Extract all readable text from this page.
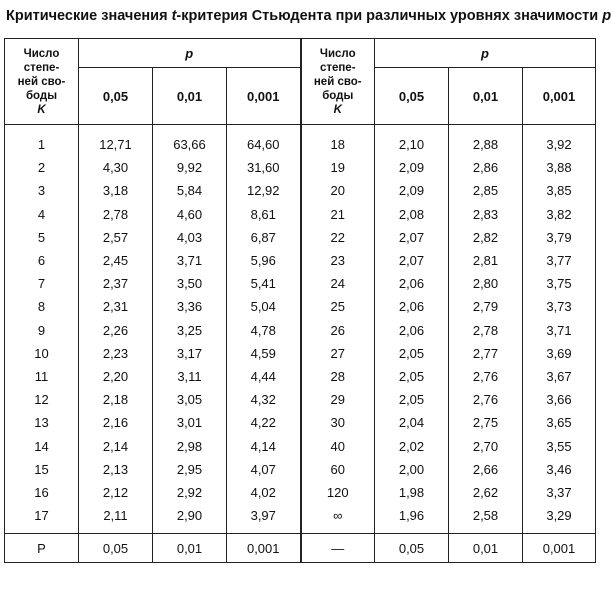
Критические значения t-критерия Стьюдента при различных уровнях значимости p
Число
степе-
ней сво-
боды
K	p			Число
степе-
ней сво-
боды
K	p		
	0,05	0,01	0,001		0,05	0,01	0,001
1	12,71	63,66	64,60	18	2,10	2,88	3,92
2	4,30	9,92	31,60	19	2,09	2,86	3,88
3	3,18	5,84	12,92	20	2,09	2,85	3,85
4	2,78	4,60	8,61	21	2,08	2,83	3,82
5	2,57	4,03	6,87	22	2,07	2,82	3,79
6	2,45	3,71	5,96	23	2,07	2,81	3,77
7	2,37	3,50	5,41	24	2,06	2,80	3,75
8	2,31	3,36	5,04	25	2,06	2,79	3,73
9	2,26	3,25	4,78	26	2,06	2,78	3,71
10	2,23	3,17	4,59	27	2,05	2,77	3,69
11	2,20	3,11	4,44	28	2,05	2,76	3,67
12	2,18	3,05	4,32	29	2,05	2,76	3,66
13	2,16	3,01	4,22	30	2,04	2,75	3,65
14	2,14	2,98	4,14	40	2,02	2,70	3,55
15	2,13	2,95	4,07	60	2,00	2,66	3,46
16	2,12	2,92	4,02	120	1,98	2,62	3,37
17	2,11	2,90	3,97	∞	1,96	2,58	3,29
P	0,05	0,01	0,001	—	0,05	0,01	0,001
